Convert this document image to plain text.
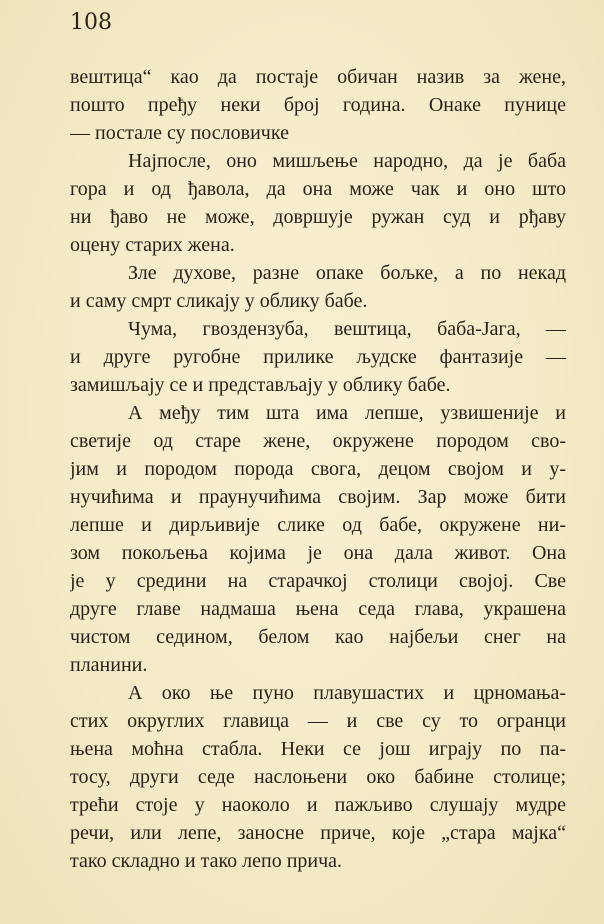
108
вештица“ као да постаје обичан назив за жене,
пошто пређу неки број година. Онаке пунице
— постале су пословичке
Најпосле, оно мишљење народно, да је баба
гора и од ђавола, да она може чак и оно што
ни ђаво не може, довршује ружан суд и рђаву
оцену старих жена.
Зле духове, разне опаке бољке, а по некад
и саму смрт сликају у облику бабе.
Чума, гвоздензуба, вештица, баба-Јага, —
и друге ругобне прилике људске фантазије —
замишљају се и представљају у облику бабе.
А међу тим шта има лепше, узвишеније и
светије од старе жене, окружене породом сво-
јим и породом порода свога, децом својом и у-
нучићима и праунучићима својим. Зар може бити
лепше и дирљивије слике од бабе, окружене ни-
зом покољења којима је она дала живот. Она
је у средини на старачкој столици својој. Све
друге главе надмаша њена седа глава, украшена
чистом седином, белом као најбељи снег на
планини.
А око ње пуно плавушастих и црномања-
стих округлих главица — и све су то огранци
њена моћна стабла. Неки се још играју по па-
тосу, други седе наслоњени око бабине столице;
трећи стоје у наоколо и пажљиво слушају мудре
речи, или лепе, заносне приче, које „стара мајка“
тако складно и тако лепо прича.
